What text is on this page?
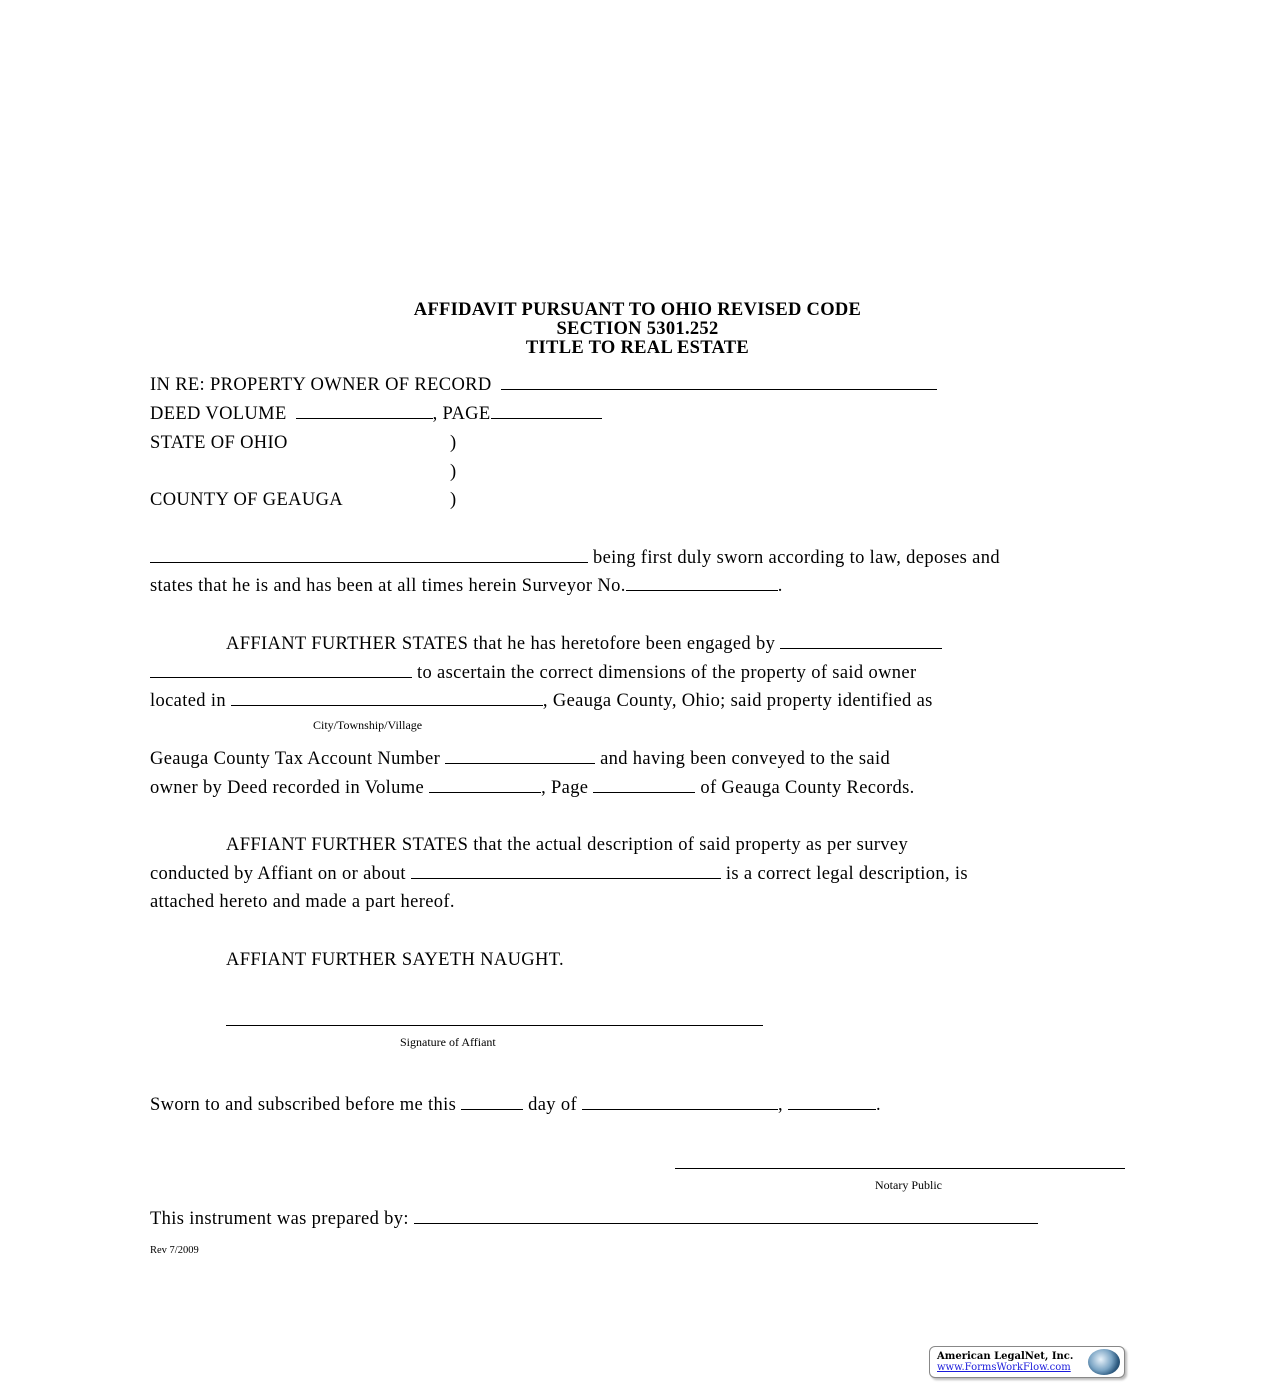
AFFIDAVIT PURSUANT TO OHIO REVISED CODE
SECTION 5301.252
TITLE TO REAL ESTATE
IN RE: PROPERTY OWNER OF RECORD
DEED VOLUME	, PAGE
STATE OF OHIO	)
)
COUNTY OF GEAUGA	)
being first duly sworn according to law, deposes and
states that he is and has been at all times herein Surveyor No.	.
AFFIANT FURTHER STATES that he has heretofore been engaged by
to ascertain the correct dimensions of the property of said owner
located in	, Geauga County, Ohio; said property identified as
City/Township/Village
Geauga County Tax Account Number	and having been conveyed to the said
owner by Deed recorded in Volume	, Page	of Geauga County Records.
AFFIANT FURTHER STATES that the actual description of said property as per survey
conducted by Affiant on or about	is a correct legal description, is
attached hereto and made a part hereof.
AFFIANT FURTHER SAYETH NAUGHT.
Signature of Affiant
Sworn to and subscribed before me this	day of	,	.
Notary Public
This instrument was prepared by:
Rev 7/2009
American LegalNet, Inc.
www.FormsWorkFlow.com
